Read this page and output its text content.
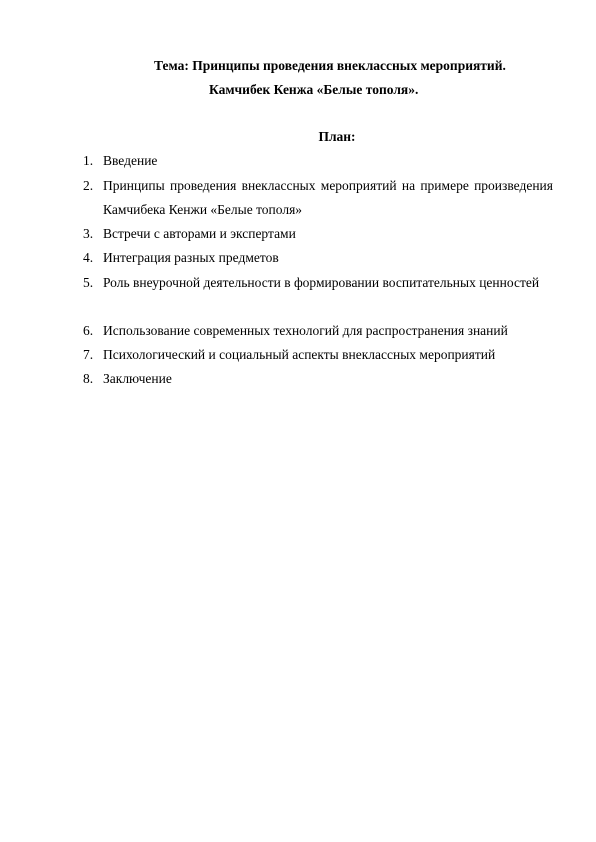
Тема: Принципы проведения внеклассных мероприятий.
Камчибек Кенжа «Белые тополя».
План:
1. Введение
2. Принципы проведения внеклассных мероприятий на примере произведения Камчибека Кенжи «Белые тополя»
3. Встречи с авторами и экспертами
4. Интеграция разных предметов
5. Роль внеурочной деятельности в формировании воспитательных ценностей
6. Использование современных технологий для распространения знаний
7. Психологический и социальный аспекты внеклассных мероприятий
8. Заключение
